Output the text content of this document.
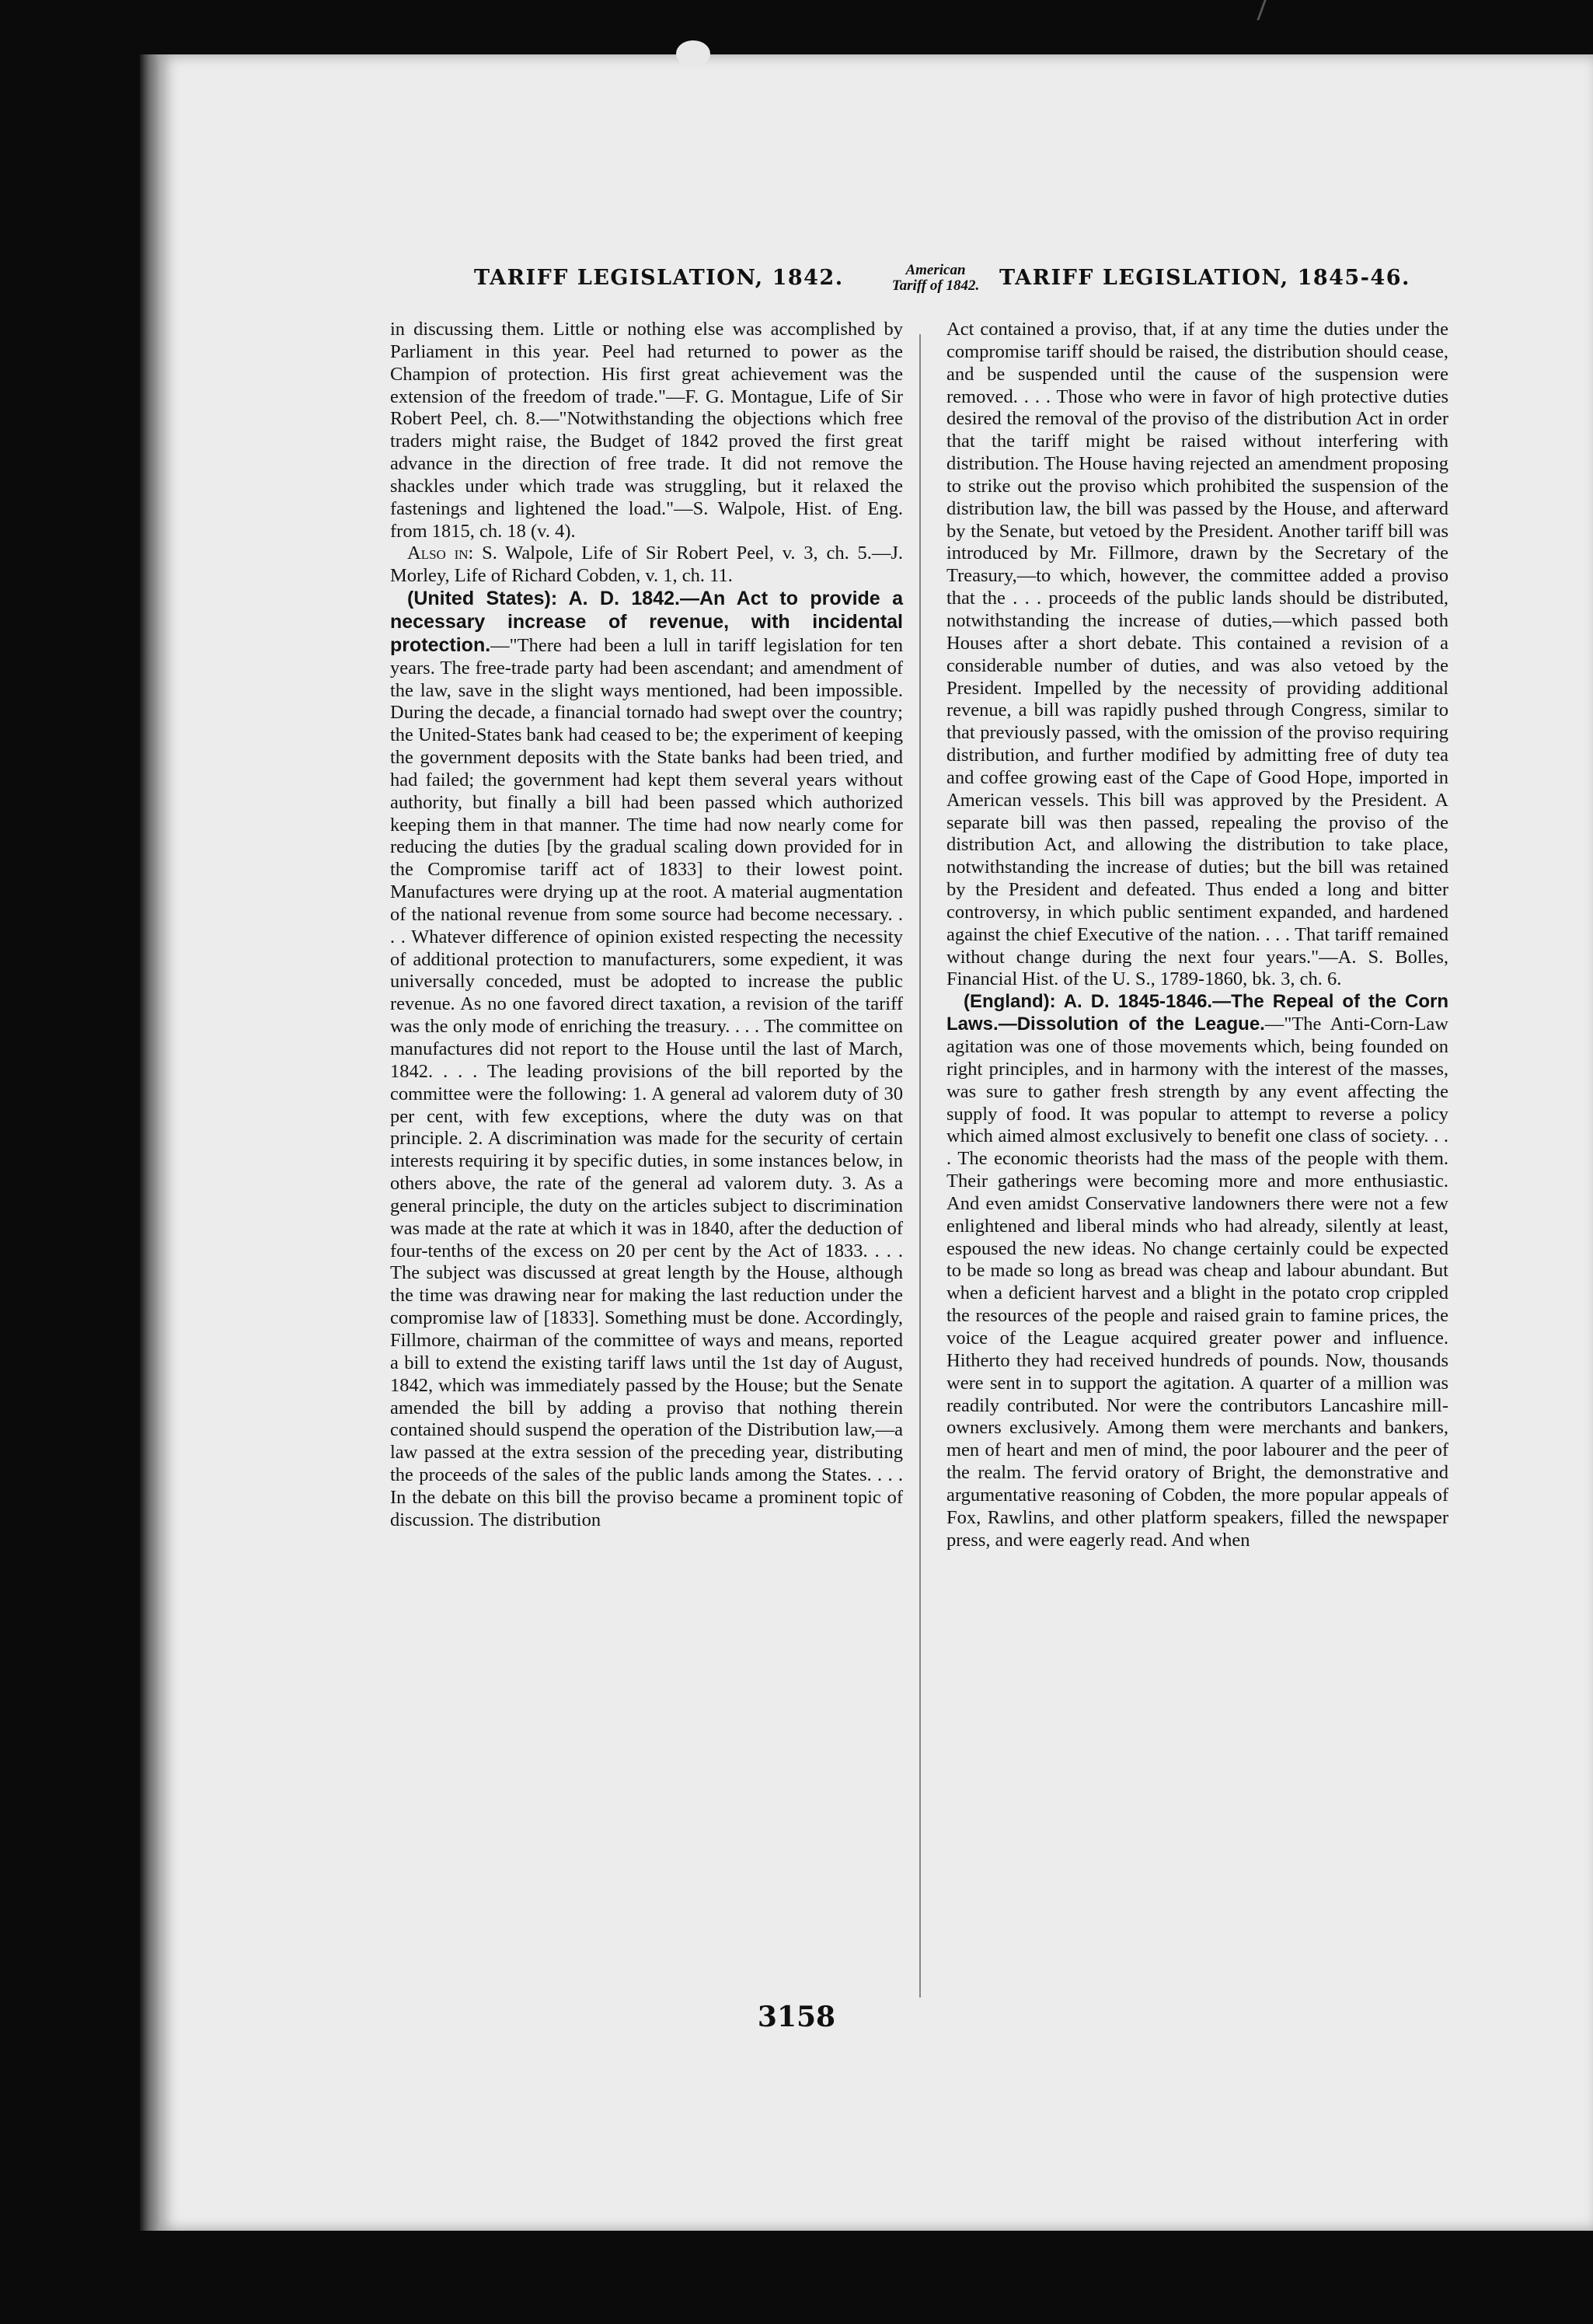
TARIFF LEGISLATION, 1842.	American
Tariff of 1842. TARIFF LEGISLATION, 1845-46.

in discussing them. Little or nothing else was accomplished by Parliament in this year. Peel had returned to power as the Champion of protection. His first great achievement was the extension of the freedom of trade."—F. G. Montague, Life of Sir Robert Peel, ch. 8.—"Notwithstanding the objections which free traders might raise, the Budget of 1842 proved the first great advance in the direction of free trade. It did not remove the shackles under which trade was struggling, but it relaxed the fastenings and lightened the load."—S. Walpole, Hist. of Eng. from 1815, ch. 18 (v. 4).

Also in: S. Walpole, Life of Sir Robert Peel, v. 3, ch. 5.—J. Morley, Life of Richard Cobden, v. 1, ch. 11.

(United States): A. D. 1842.—An Act to provide a necessary increase of revenue, with incidental protection.—"There had been a lull in tariff legislation for ten years. The free-trade party had been ascendant; and amendment of the law, save in the slight ways mentioned, had been impossible. During the decade, a financial tornado had swept over the country; the United-States bank had ceased to be; the experiment of keeping the government deposits with the State banks had been tried, and had failed; the government had kept them several years without authority, but finally a bill had been passed which authorized keeping them in that manner. The time had now nearly come for reducing the duties [by the gradual scaling down provided for in the Compromise tariff act of 1833] to their lowest point. Manufactures were drying up at the root. A material augmentation of the national revenue from some source had become necessary. . . . Whatever difference of opinion existed respecting the necessity of additional protection to manufacturers, some expedient, it was universally conceded, must be adopted to increase the public revenue. As no one favored direct taxation, a revision of the tariff was the only mode of enriching the treasury. . . . The committee on manufactures did not report to the House until the last of March, 1842. . . . The leading provisions of the bill reported by the committee were the following: 1. A general ad valorem duty of 30 per cent, with few exceptions, where the duty was on that principle. 2. A discrimination was made for the security of certain interests requiring it by specific duties, in some instances below, in others above, the rate of the general ad valorem duty. 3. As a general principle, the duty on the articles subject to discrimination was made at the rate at which it was in 1840, after the deduction of four-tenths of the excess on 20 per cent by the Act of 1833. . . . The subject was discussed at great length by the House, although the time was drawing near for making the last reduction under the compromise law of [1833]. Something must be done. Accordingly, Fillmore, chairman of the committee of ways and means, reported a bill to extend the existing tariff laws until the 1st day of August, 1842, which was immediately passed by the House; but the Senate amended the bill by adding a proviso that nothing therein contained should suspend the operation of the Distribution law,—a law passed at the extra session of the preceding year, distributing the proceeds of the sales of the public lands among the States. . . . In the debate on this bill the proviso became a prominent topic of discussion. The distribution

Act contained a proviso, that, if at any time the duties under the compromise tariff should be raised, the distribution should cease, and be suspended until the cause of the suspension were removed. . . . Those who were in favor of high protective duties desired the removal of the proviso of the distribution Act in order that the tariff might be raised without interfering with distribution. The House having rejected an amendment proposing to strike out the proviso which prohibited the suspension of the distribution law, the bill was passed by the House, and afterward by the Senate, but vetoed by the President. Another tariff bill was introduced by Mr. Fillmore, drawn by the Secretary of the Treasury,—to which, however, the committee added a proviso that the . . . proceeds of the public lands should be distributed, notwithstanding the increase of duties,—which passed both Houses after a short debate. This contained a revision of a considerable number of duties, and was also vetoed by the President. Impelled by the necessity of providing additional revenue, a bill was rapidly pushed through Congress, similar to that previously passed, with the omission of the proviso requiring distribution, and further modified by admitting free of duty tea and coffee growing east of the Cape of Good Hope, imported in American vessels. This bill was approved by the President. A separate bill was then passed, repealing the proviso of the distribution Act, and allowing the distribution to take place, notwithstanding the increase of duties; but the bill was retained by the President and defeated. Thus ended a long and bitter controversy, in which public sentiment expanded, and hardened against the chief Executive of the nation. . . . That tariff remained without change during the next four years."—A. S. Bolles, Financial Hist. of the U. S., 1789-1860, bk. 3, ch. 6.

(England): A. D. 1845-1846.—The Repeal of the Corn Laws.—Dissolution of the League.—"The Anti-Corn-Law agitation was one of those movements which, being founded on right principles, and in harmony with the interest of the masses, was sure to gather fresh strength by any event affecting the supply of food. It was popular to attempt to reverse a policy which aimed almost exclusively to benefit one class of society. . . . The economic theorists had the mass of the people with them. Their gatherings were becoming more and more enthusiastic. And even amidst Conservative landowners there were not a few enlightened and liberal minds who had already, silently at least, espoused the new ideas. No change certainly could be expected to be made so long as bread was cheap and labour abundant. But when a deficient harvest and a blight in the potato crop crippled the resources of the people and raised grain to famine prices, the voice of the League acquired greater power and influence. Hitherto they had received hundreds of pounds. Now, thousands were sent in to support the agitation. A quarter of a million was readily contributed. Nor were the contributors Lancashire mill-owners exclusively. Among them were merchants and bankers, men of heart and men of mind, the poor labourer and the peer of the realm. The fervid oratory of Bright, the demonstrative and argumentative reasoning of Cobden, the more popular appeals of Fox, Rawlins, and other platform speakers, filled the newspaper press, and were eagerly read. And when

3158
